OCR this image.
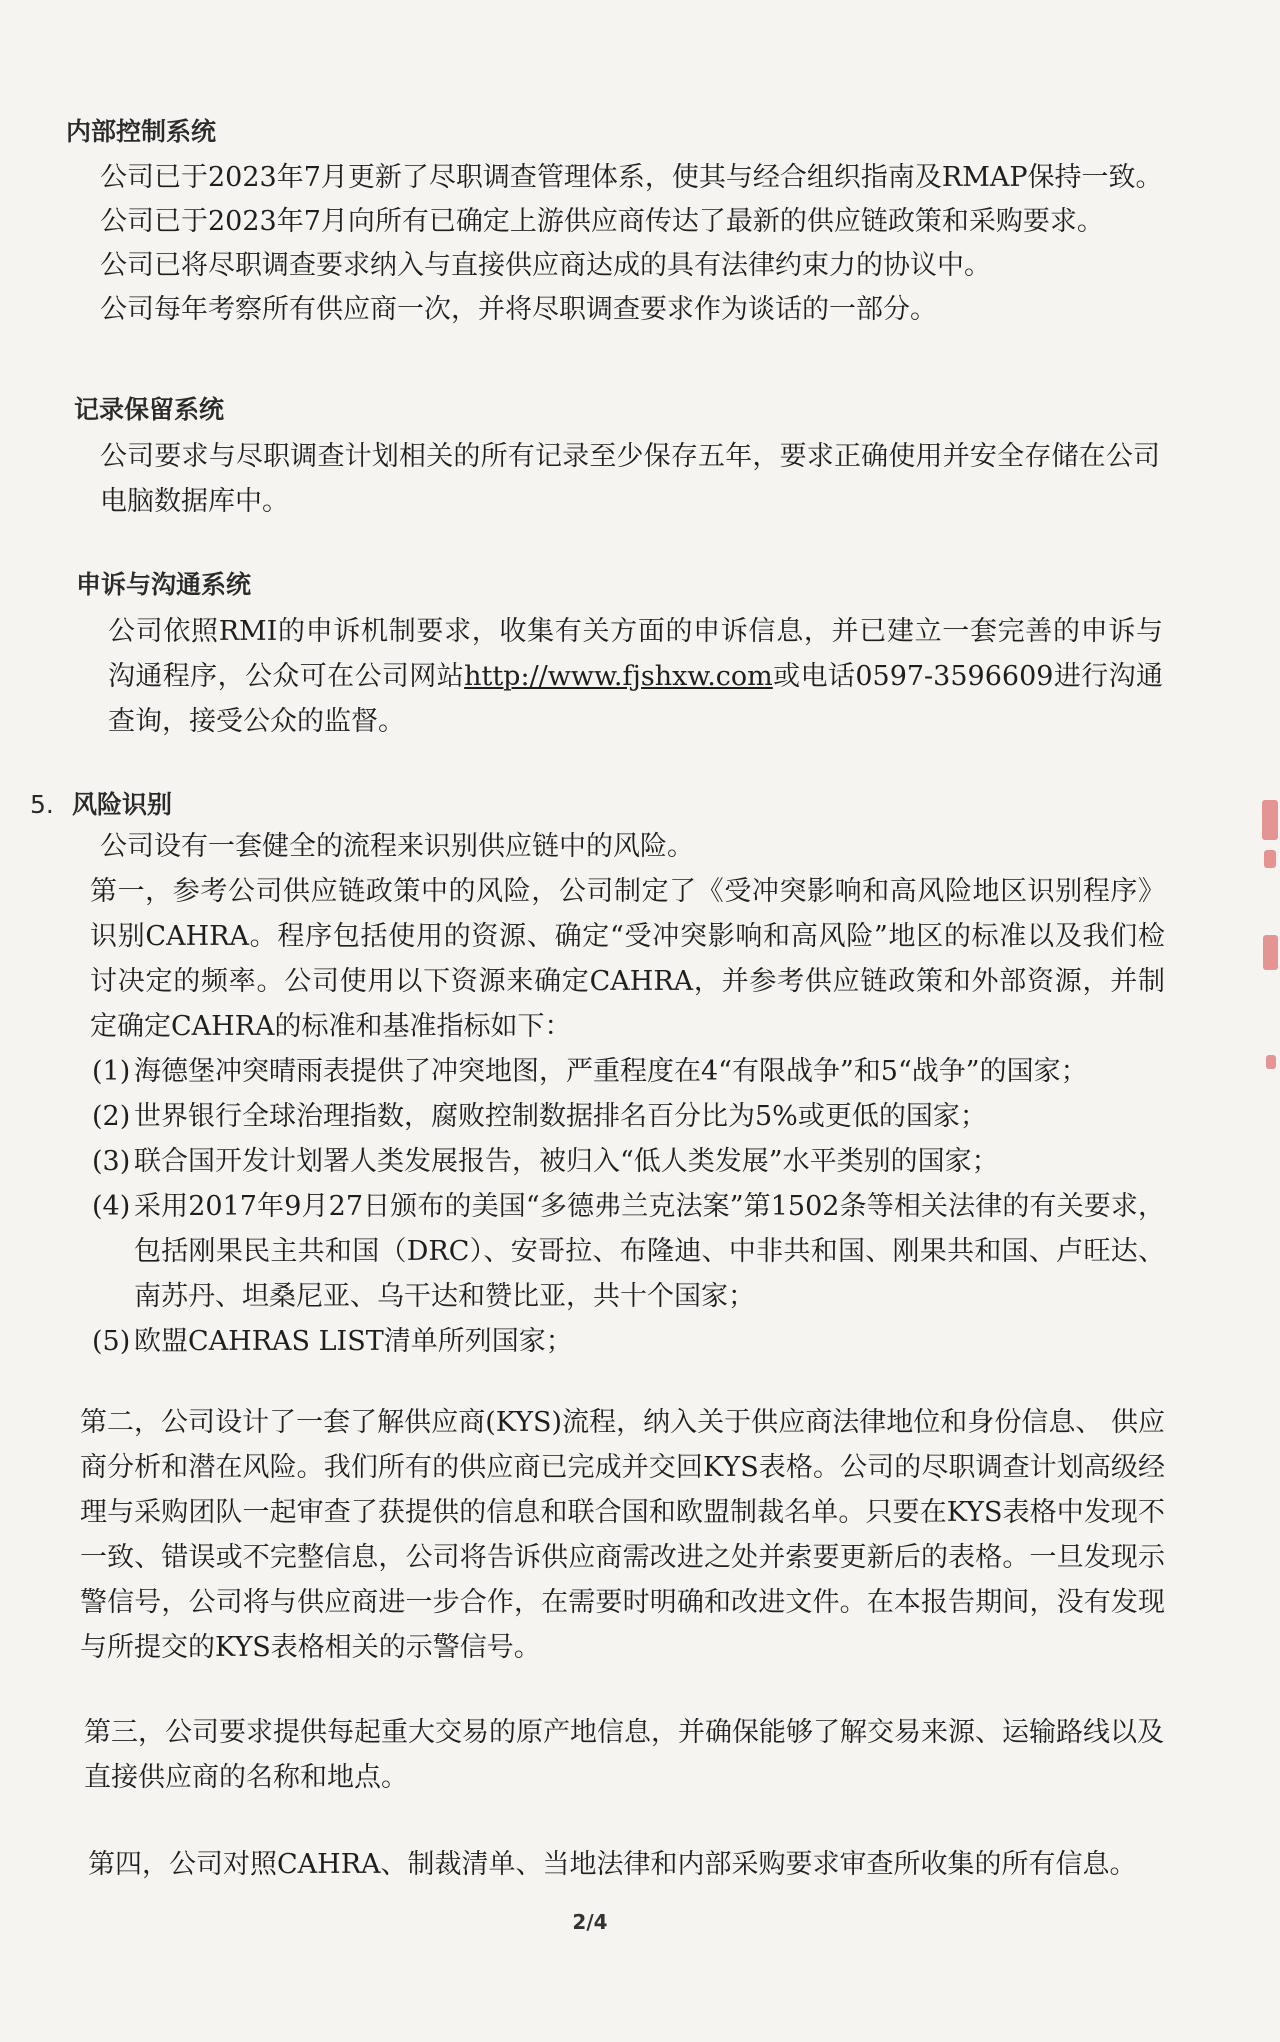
内部控制系统
公司已于2023年7月更新了尽职调查管理体系，使其与经合组织指南及RMAP保持一致。
公司已于2023年7月向所有已确定上游供应商传达了最新的供应链政策和采购要求。
公司已将尽职调查要求纳入与直接供应商达成的具有法律约束力的协议中。
公司每年考察所有供应商一次，并将尽职调查要求作为谈话的一部分。
记录保留系统
公司要求与尽职调查计划相关的所有记录至少保存五年，要求正确使用并安全存储在公司电脑数据库中。
申诉与沟通系统
公司依照RMI的申诉机制要求，收集有关方面的申诉信息，并已建立一套完善的申诉与沟通程序，公众可在公司网站http://www.fjshxw.com或电话0597-3596609进行沟通查询，接受公众的监督。
5. 风险识别
公司设有一套健全的流程来识别供应链中的风险。
第一，参考公司供应链政策中的风险，公司制定了《受冲突影响和高风险地区识别程序》识别CAHRA。程序包括使用的资源、确定“受冲突影响和高风险”地区的标准以及我们检讨决定的频率。公司使用以下资源来确定CAHRA，并参考供应链政策和外部资源，并制定确定CAHRA的标准和基准指标如下：
(1) 海德堡冲突晴雨表提供了冲突地图，严重程度在4“有限战争”和5“战争”的国家；
(2) 世界银行全球治理指数，腐败控制数据排名百分比为5%或更低的国家；
(3) 联合国开发计划署人类发展报告，被归入“低人类发展”水平类别的国家；
(4) 采用2017年9月27日颁布的美国“多德弗兰克法案”第1502条等相关法律的有关要求，包括刚果民主共和国（DRC）、安哥拉、布隆迪、中非共和国、刚果共和国、卢旺达、南苏丹、坦桑尼亚、乌干达和赞比亚，共十个国家；
(5) 欧盟CAHRAS LIST清单所列国家；
第二，公司设计了一套了解供应商(KYS)流程，纳入关于供应商法律地位和身份信息、 供应商分析和潜在风险。我们所有的供应商已完成并交回KYS表格。公司的尽职调查计划高级经理与采购团队一起审查了获提供的信息和联合国和欧盟制裁名单。只要在KYS表格中发现不一致、错误或不完整信息，公司将告诉供应商需改进之处并索要更新后的表格。一旦发现示警信号，公司将与供应商进一步合作，在需要时明确和改进文件。在本报告期间，没有发现与所提交的KYS表格相关的示警信号。
第三，公司要求提供每起重大交易的原产地信息，并确保能够了解交易来源、运输路线以及直接供应商的名称和地点。
第四，公司对照CAHRA、制裁清单、当地法律和内部采购要求审查所收集的所有信息。
2/4
